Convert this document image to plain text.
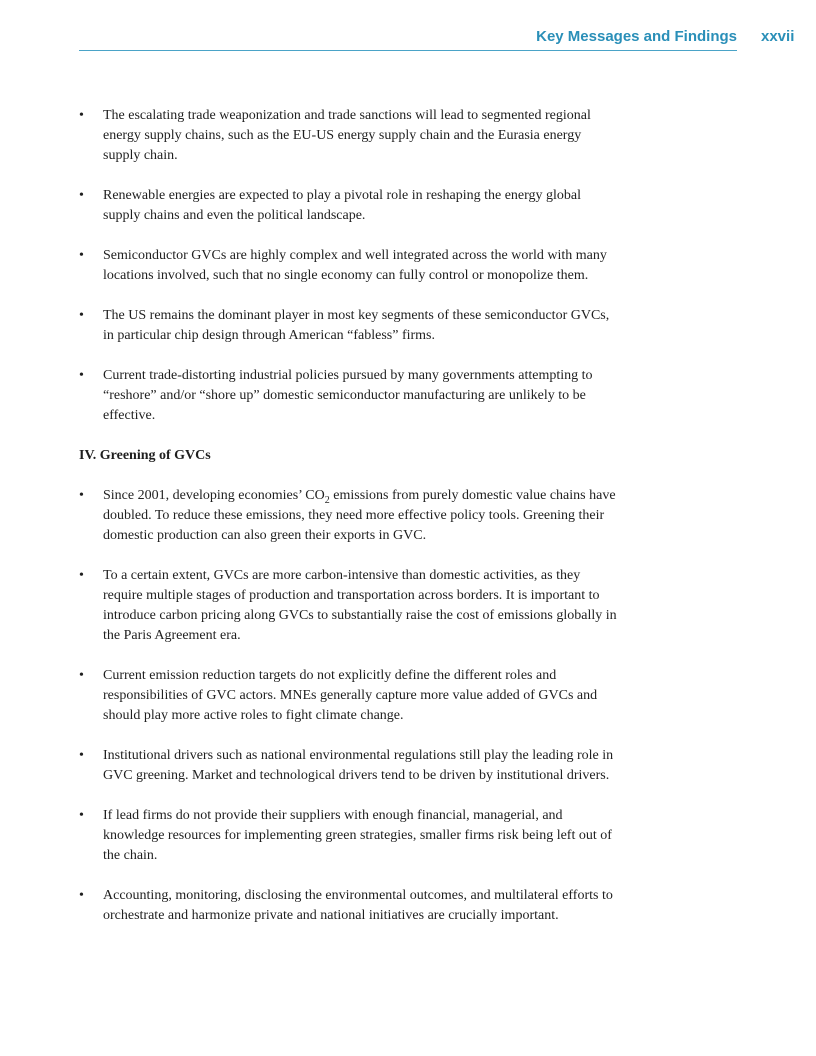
Key Messages and Findings xxvii
•	The escalating trade weaponization and trade sanctions will lead to segmented regional energy supply chains, such as the EU-US energy supply chain and the Eurasia energy supply chain.
•	Renewable energies are expected to play a pivotal role in reshaping the energy global supply chains and even the political landscape.
•	Semiconductor GVCs are highly complex and well integrated across the world with many locations involved, such that no single economy can fully control or monopolize them.
•	The US remains the dominant player in most key segments of these semiconductor GVCs, in particular chip design through American “fabless” firms.
•	Current trade-distorting industrial policies pursued by many governments attempting to “reshore” and/or “shore up” domestic semiconductor manufacturing are unlikely to be effective.
IV. Greening of GVCs
•	Since 2001, developing economies’ $CO_2$ emissions from purely domestic value chains have doubled. To reduce these emissions, they need more effective policy tools. Greening their domestic production can also green their exports in GVC.
•	To a certain extent, GVCs are more carbon-intensive than domestic activities, as they require multiple stages of production and transportation across borders. It is important to introduce carbon pricing along GVCs to substantially raise the cost of emissions globally in the Paris Agreement era.
•	Current emission reduction targets do not explicitly define the different roles and responsibilities of GVC actors. MNEs generally capture more value added of GVCs and should play more active roles to fight climate change.
•	Institutional drivers such as national environmental regulations still play the leading role in GVC greening. Market and technological drivers tend to be driven by institutional drivers.
•	If lead firms do not provide their suppliers with enough financial, managerial, and knowledge resources for implementing green strategies, smaller firms risk being left out of the chain.
•	Accounting, monitoring, disclosing the environmental outcomes, and multilateral efforts to orchestrate and harmonize private and national initiatives are crucially important.
